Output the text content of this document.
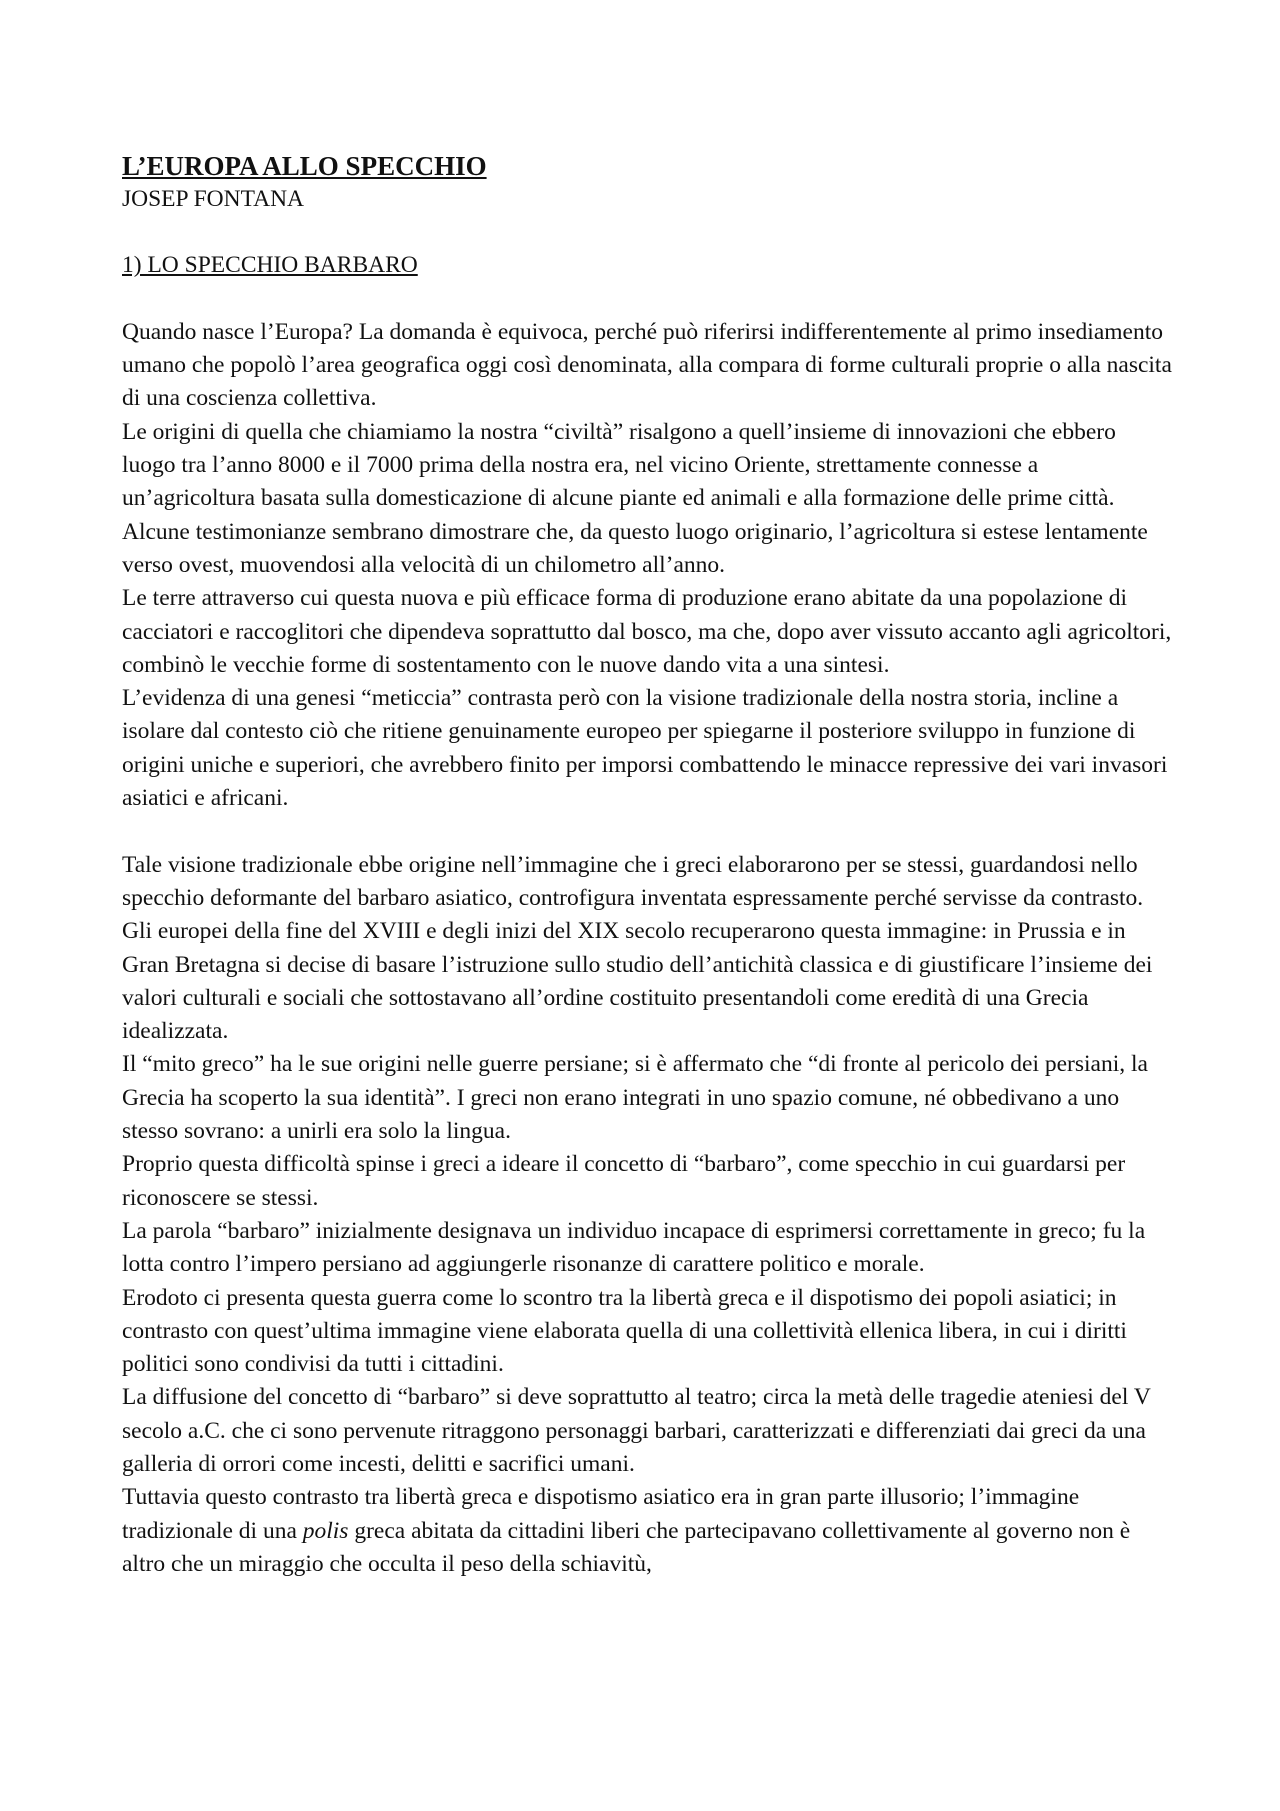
L’EUROPA ALLO SPECCHIO

JOSEP FONTANA

1) LO SPECCHIO BARBARO

Quando nasce l’Europa? La domanda è equivoca, perché può riferirsi indifferentemente al primo insediamento umano che popolò l’area geografica oggi così denominata, alla compara di forme culturali proprie o alla nascita di una coscienza collettiva.

Le origini di quella che chiamiamo la nostra “civiltà” risalgono a quell’insieme di innovazioni che ebbero luogo tra l’anno 8000 e il 7000 prima della nostra era, nel vicino Oriente, strettamente connesse a un’agricoltura basata sulla domesticazione di alcune piante ed animali e alla formazione delle prime città.

Alcune testimonianze sembrano dimostrare che, da questo luogo originario, l’agricoltura si estese lentamente verso ovest, muovendosi alla velocità di un chilometro all’anno.

Le terre attraverso cui questa nuova e più efficace forma di produzione erano abitate da una popolazione di cacciatori e raccoglitori che dipendeva soprattutto dal bosco, ma che, dopo aver vissuto accanto agli agricoltori, combinò le vecchie forme di sostentamento con le nuove dando vita a una sintesi.

L’evidenza di una genesi “meticcia” contrasta però con la visione tradizionale della nostra storia, incline a isolare dal contesto ciò che ritiene genuinamente europeo per spiegarne il posteriore sviluppo in funzione di origini uniche e superiori, che avrebbero finito per imporsi combattendo le minacce repressive dei vari invasori asiatici e africani.

Tale visione tradizionale ebbe origine nell’immagine che i greci elaborarono per se stessi, guardandosi nello specchio deformante del barbaro asiatico, controfigura inventata espressamente perché servisse da contrasto.

Gli europei della fine del XVIII e degli inizi del XIX secolo recuperarono questa immagine: in Prussia e in Gran Bretagna si decise di basare l’istruzione sullo studio dell’antichità classica e di giustificare l’insieme dei valori culturali e sociali che sottostavano all’ordine costituito presentandoli come eredità di una Grecia idealizzata.

Il “mito greco” ha le sue origini nelle guerre persiane; si è affermato che “di fronte al pericolo dei persiani, la Grecia ha scoperto la sua identità”. I greci non erano integrati in uno spazio comune, né obbedivano a uno stesso sovrano: a unirli era solo la lingua.

Proprio questa difficoltà spinse i greci a ideare il concetto di “barbaro”, come specchio in cui guardarsi per riconoscere se stessi.

La parola “barbaro” inizialmente designava un individuo incapace di esprimersi correttamente in greco; fu la lotta contro l’impero persiano ad aggiungerle risonanze di carattere politico e morale.

Erodoto ci presenta questa guerra come lo scontro tra la libertà greca e il dispotismo dei popoli asiatici; in contrasto con quest’ultima immagine viene elaborata quella di una collettività ellenica libera, in cui i diritti politici sono condivisi da tutti i cittadini.

La diffusione del concetto di “barbaro” si deve soprattutto al teatro; circa la metà delle tragedie ateniesi del V secolo a.C. che ci sono pervenute ritraggono personaggi barbari, caratterizzati e differenziati dai greci da una galleria di orrori come incesti, delitti e sacrifici umani.

Tuttavia questo contrasto tra libertà greca e dispotismo asiatico era in gran parte illusorio; l’immagine tradizionale di una polis greca abitata da cittadini liberi che partecipavano collettivamente al governo non è altro che un miraggio che occulta il peso della schiavitù,
